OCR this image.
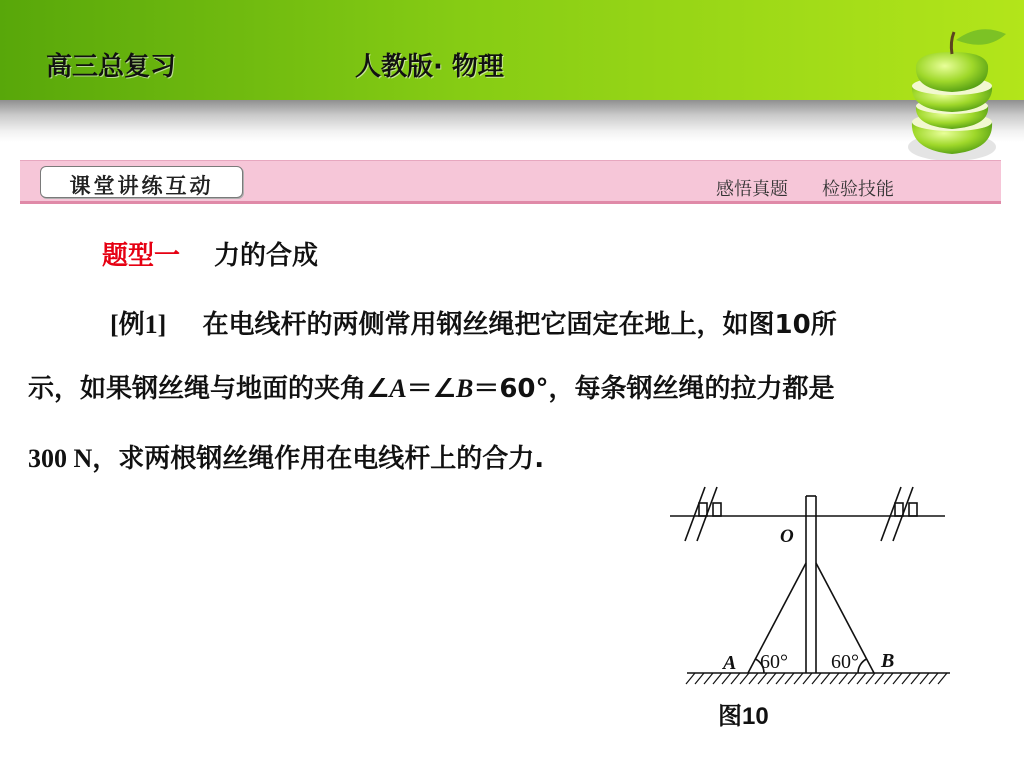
高三总复习	人教版· 物理
课堂讲练互动	感悟真题 检验技能
题型一 力的合成
[例1] 在电线杆的两侧常用钢丝绳把它固定在地上，如图10所
示，如果钢丝绳与地面的夹角∠A＝∠B＝60°，每条钢丝绳的拉力都是
300 N，求两根钢丝绳作用在电线杆上的合力.
O
A 60° 60° B
图10
